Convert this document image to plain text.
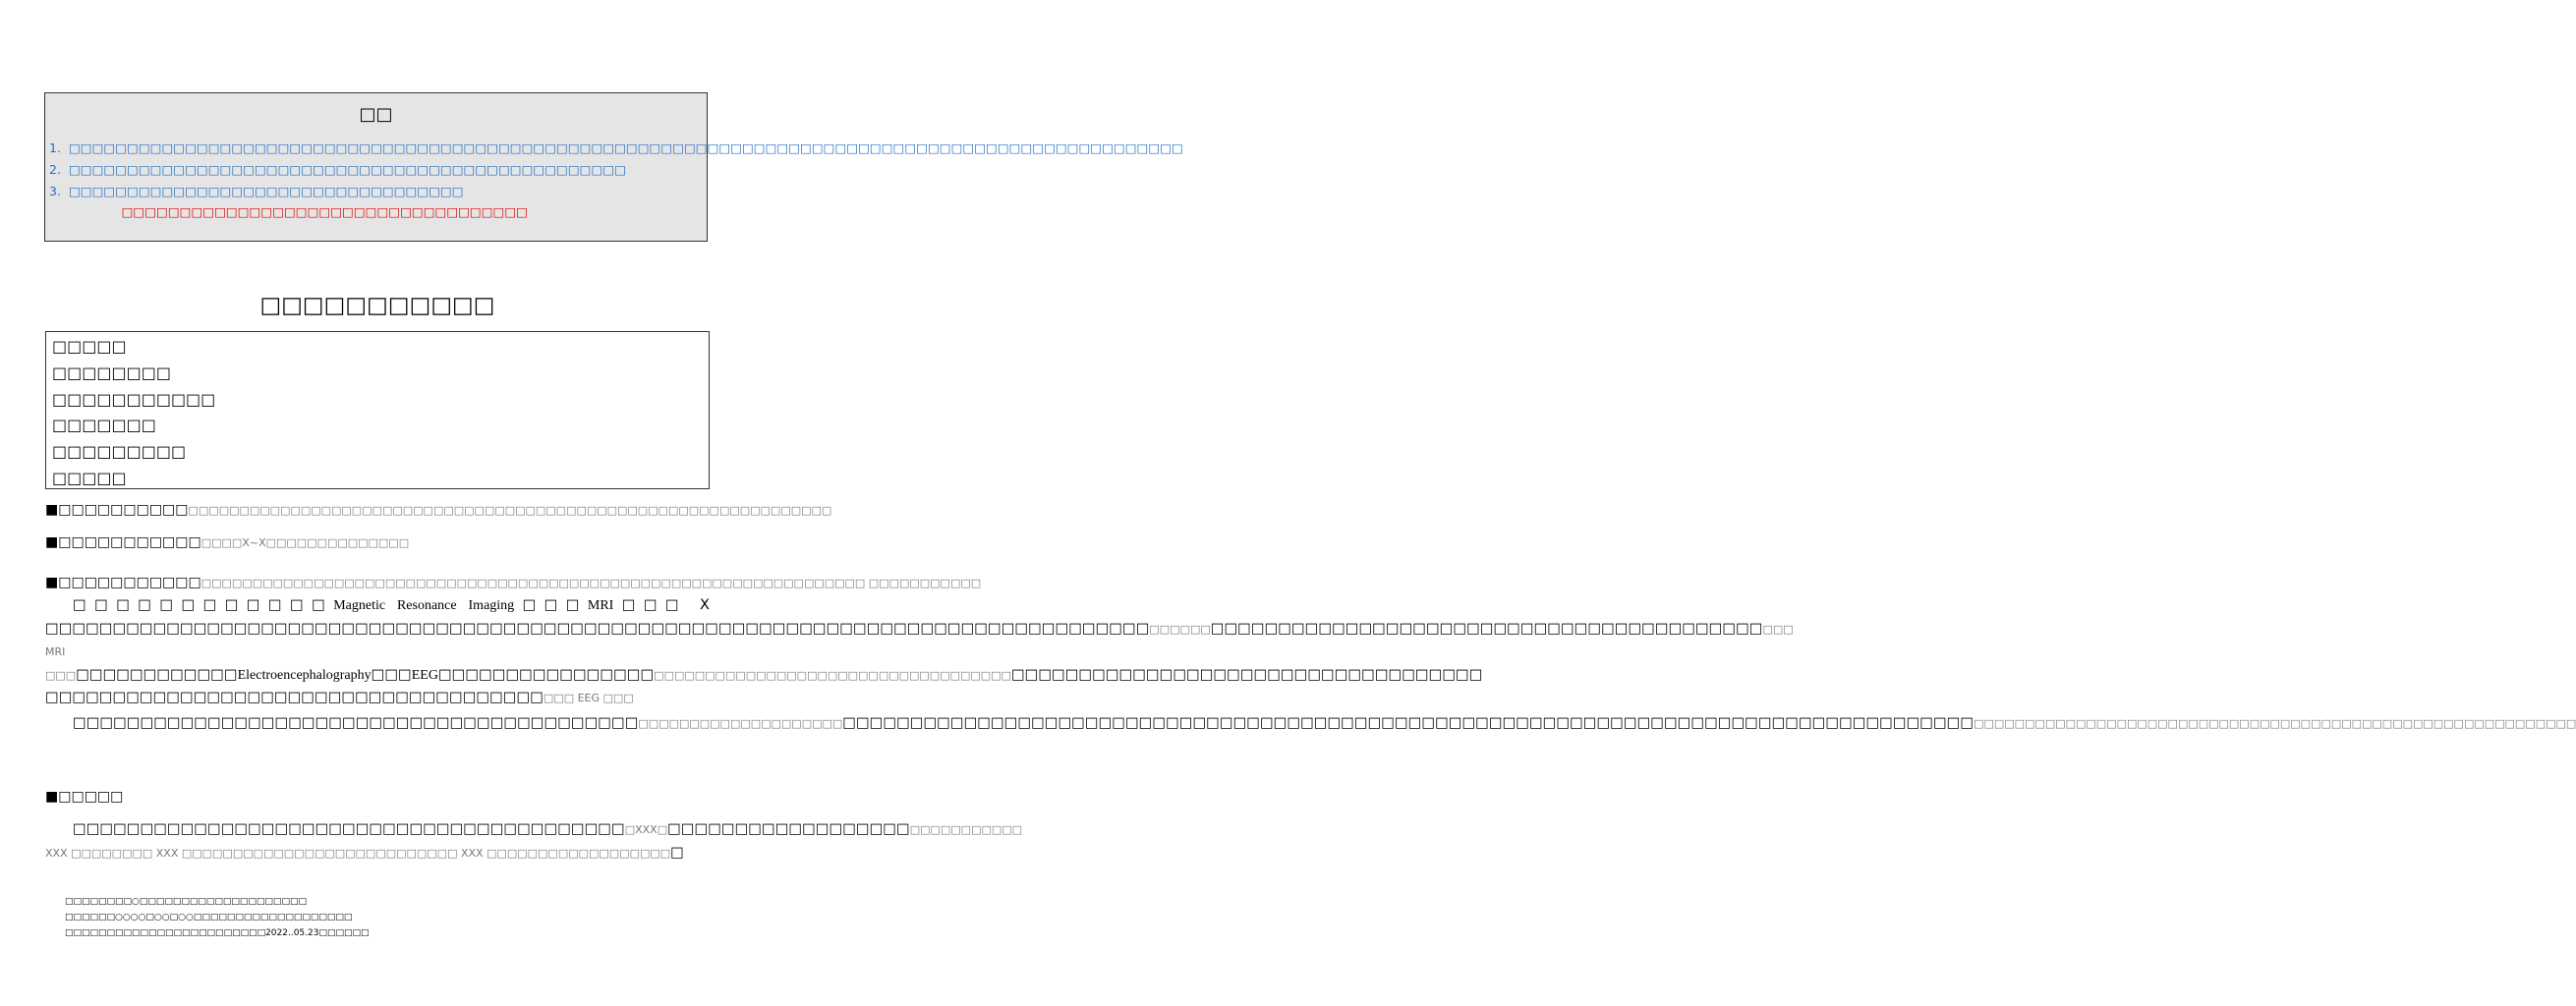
□□
1. □□□□□□□□□□□□□□□□□□□□□□□□□□□□□□□□□□□□□□□□□□□□□□□□□□□□□□□□□□□□□□□□□□□□□□□□□□□□□□□□□□□□□□□□□□□□□□□□
2. □□□□□□□□□□□□□□□□□□□□□□□□□□□□□□□□□□□□□□□□□□□□□□□□
3. □□□□□□□□□□□□□□□□□□□□□□□□□□□□□□□□□□
□□□□□□□□□□□□□□□□□□□□□□□□□□□□□□□□□□□
□□□□□□□□□□□
□□□□□
□□□□□□□□
□□□□□□□□□□□
□□□□□□□
□□□□□□□□□
□□□□□
■□□□□□□□□□□□□□□□□□□□□□□□□□□□□□□□□□□□□□□□□□□□□□□□□□□□□□□□□□□□□□□□□□□□□□□□□□
■□□□□□□□□□□□□□□□X~X□□□□□□□□□□□□□□
■□□□□□□□□□□□□□□□□□□□□□□□□□□□□□□□□□□□□□□□□□□□□□□□□□□□□□□□□□□□□□□□□□□□□□□□□□□□□ □□□□□□□□□□□
□□□□□□□□□□□□Magnetic Resonance Imaging□□□MRI□□□ X □□□□□□□□□□□□□□□□□□□□□□□□□□□□□□□□□□□□□□□□□□□□□□□□□□□□□□□□□□□□□□□□□□□□□□□□□□□□□□□□□□□□□□□□□□□□□□□□□□□□□□□□□□□□□□□□□□□□□□□□□□□□□□□□□□□□ MRI □□□□□□□□□□□□□□□Electroencephalography□□□EEG□□□□□□□□□□□□□□□□□□□□□□□□□□□□□□□□□□□□□□□□□□□□□□□□□□□□□□□□□□□□□□□□□□□□□□□□□□□□□□□□□□□□□□ □□□□□□□□□□□□□□□□□□□□□□□□□□□□□□□□□□□□□□□□ EEG □□□
□□□□□□□□□□□□□□□□□□□□□□□□□□□□□□□□□□□□□□□□□□□□□□□□□□□□□□□□□□□□□□□□□□□□□□□□□□□□□□□□□□□□□□□□□□□□□□□□□□□□□□□□□□□□□□□□□□□□□□□□□□□□□□□□□□□□□□□□□□□□□□□□□□□□□□□□□□□□□□□□□□□□□□□□□□□□□□□□□□□□□□□□□□□□□□□□□□□□□□□□□□□□□
■□□□□□
□□□□□□□□□□□□□□□□□□□□□□□□□□□□□□□□□□□□□□□□□□XXX□□□□□□□□□□□□□□□□□□□□□□□□□□□□□□ XXX □□□□□□□□ XXX □□□□□□□□□□□□□□□□□□□□□□□□□□□ XXX □□□□□□□□□□□□□□□□□□□
□□□□□□□□○□□□□□□□□□□□□□□□□□□□□
□□□□□□○○○○□○○□○○□□□□□□□□□□□□□□□□□□□
□□□□□□□□□□□□□□□□□□□□□□□□2022..05.23□□□□□□
